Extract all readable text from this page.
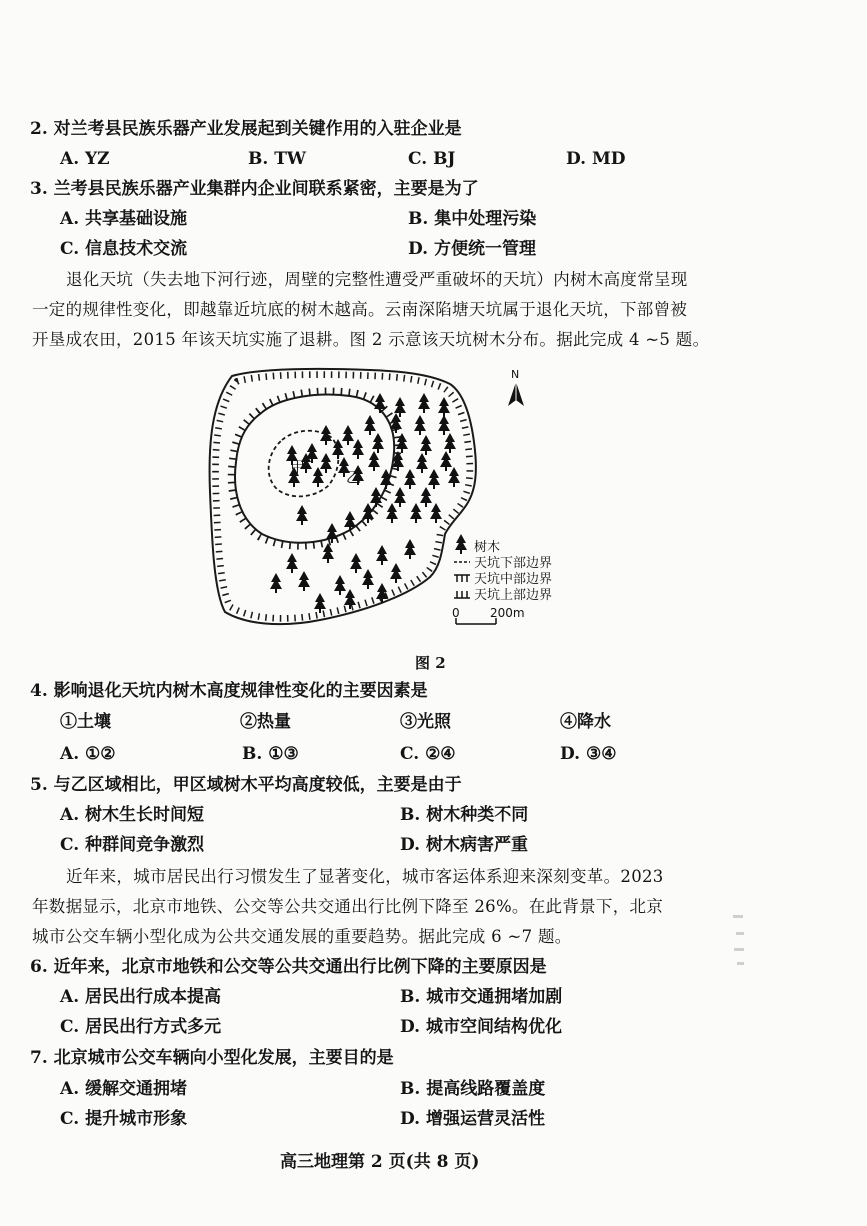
2. 对兰考县民族乐器产业发展起到关键作用的入驻企业是
A. YZ	B. TW	C. BJ	D. MD
3. 兰考县民族乐器产业集群内企业间联系紧密，主要是为了
A. 共享基础设施	B. 集中处理污染
C. 信息技术交流	D. 方便统一管理
退化天坑（失去地下河行迹，周壁的完整性遭受严重破坏的天坑）内树木高度常呈现
一定的规律性变化，即越靠近坑底的树木越高。云南深陷塘天坑属于退化天坑，下部曾被
开垦成农田，2015 年该天坑实施了退耕。图 2 示意该天坑树木分布。据此完成 4 ~5 题。
甲
乙
N
树木
天坑下部边界
天坑中部边界
天坑上部边界
0	200m
图 2
4. 影响退化天坑内树木高度规律性变化的主要因素是
①土壤	②热量	③光照	④降水
A. ①②	B. ①③	C. ②④	D. ③④
5. 与乙区域相比，甲区域树木平均高度较低，主要是由于
A. 树木生长时间短	B. 树木种类不同
C. 种群间竞争激烈	D. 树木病害严重
近年来，城市居民出行习惯发生了显著变化，城市客运体系迎来深刻变革。2023
年数据显示，北京市地铁、公交等公共交通出行比例下降至 26%。在此背景下，北京
城市公交车辆小型化成为公共交通发展的重要趋势。据此完成 6 ~7 题。
6. 近年来，北京市地铁和公交等公共交通出行比例下降的主要原因是
A. 居民出行成本提高	B. 城市交通拥堵加剧
C. 居民出行方式多元	D. 城市空间结构优化
7. 北京城市公交车辆向小型化发展，主要目的是
A. 缓解交通拥堵	B. 提高线路覆盖度
C. 提升城市形象	D. 增强运营灵活性
高三地理第 2 页(共 8 页)
